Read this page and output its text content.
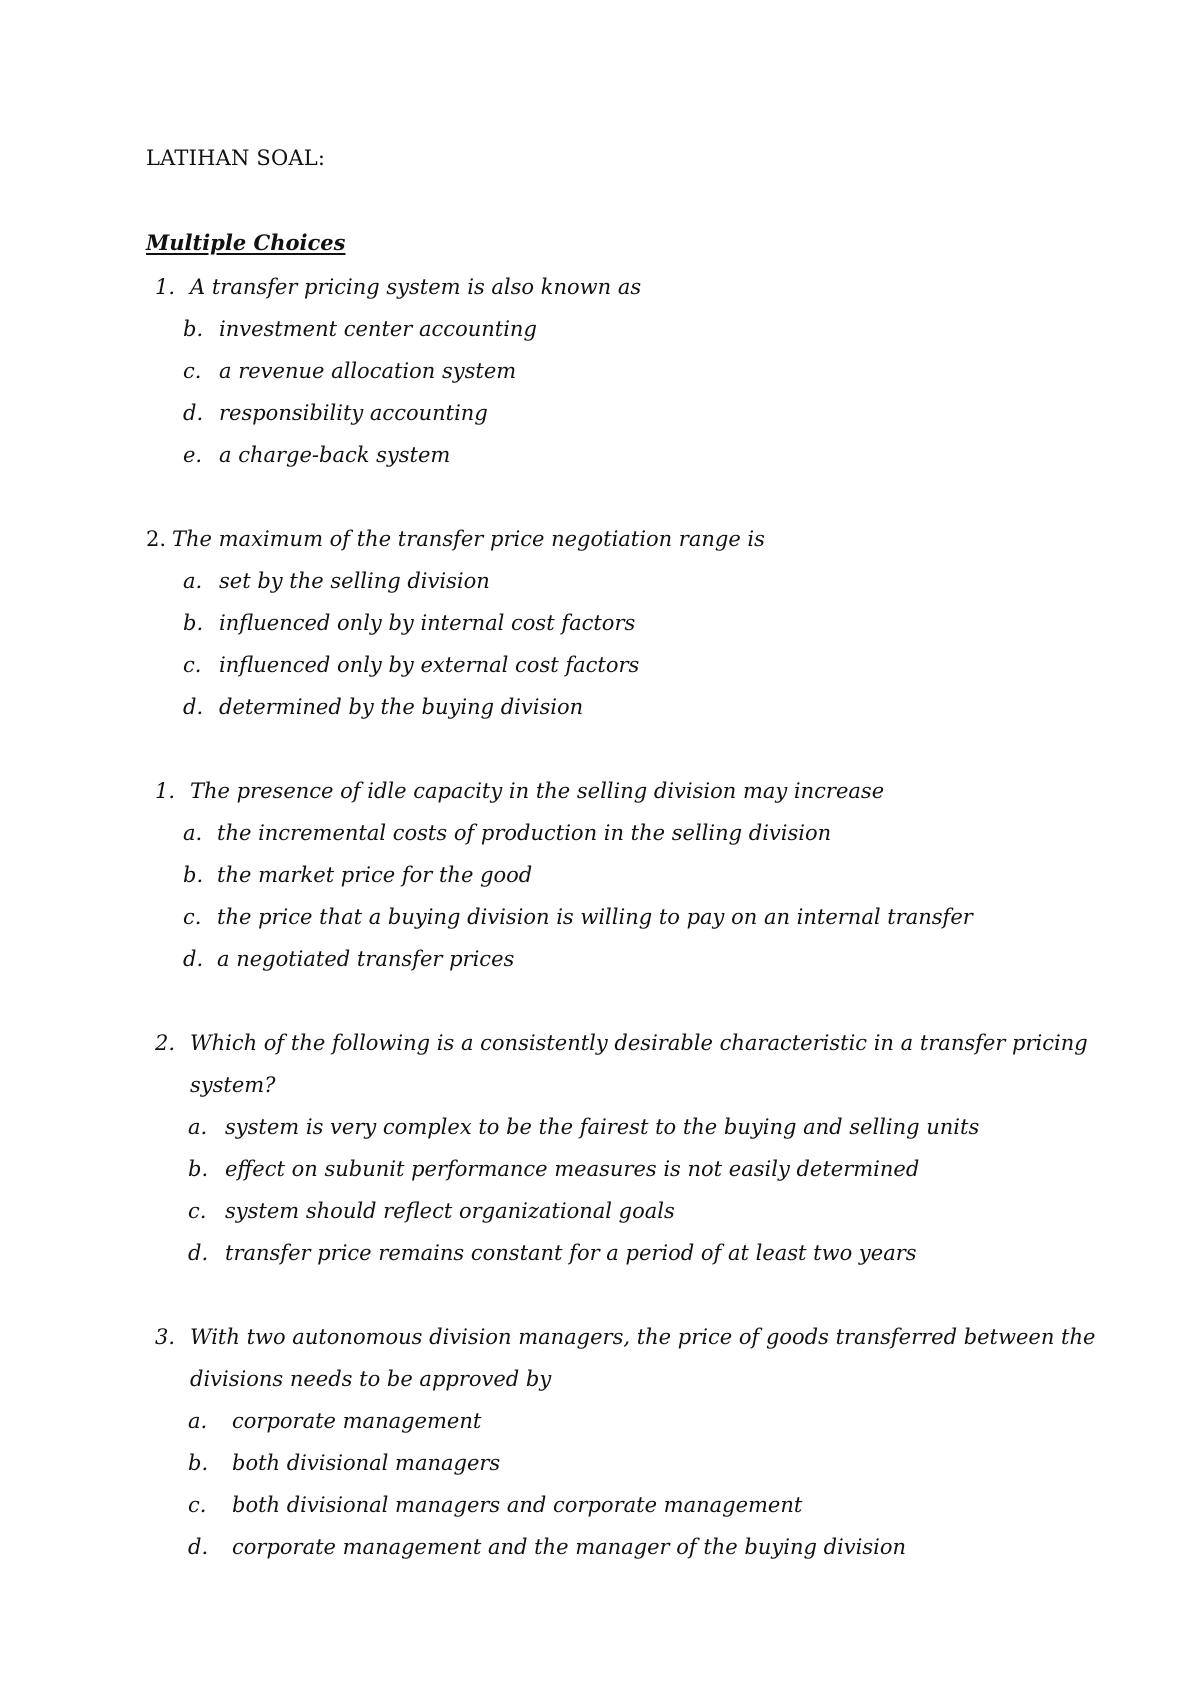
LATIHAN SOAL:
Multiple Choices
1. A transfer pricing system is also known as
b. investment center accounting
c. a revenue allocation system
d. responsibility accounting
e. a charge-back system
2. The maximum of the transfer price negotiation range is
a. set by the selling division
b. influenced only by internal cost factors
c. influenced only by external cost factors
d. determined by the buying division
1. The presence of idle capacity in the selling division may increase
a. the incremental costs of production in the selling division
b. the market price for the good
c. the price that a buying division is willing to pay on an internal transfer
d. a negotiated transfer prices
2. Which of the following is a consistently desirable characteristic in a transfer pricing
system?
a. system is very complex to be the fairest to the buying and selling units
b. effect on subunit performance measures is not easily determined
c. system should reflect organizational goals
d. transfer price remains constant for a period of at least two years
3. With two autonomous division managers, the price of goods transferred between the
divisions needs to be approved by
a. corporate management
b. both divisional managers
c. both divisional managers and corporate management
d. corporate management and the manager of the buying division
